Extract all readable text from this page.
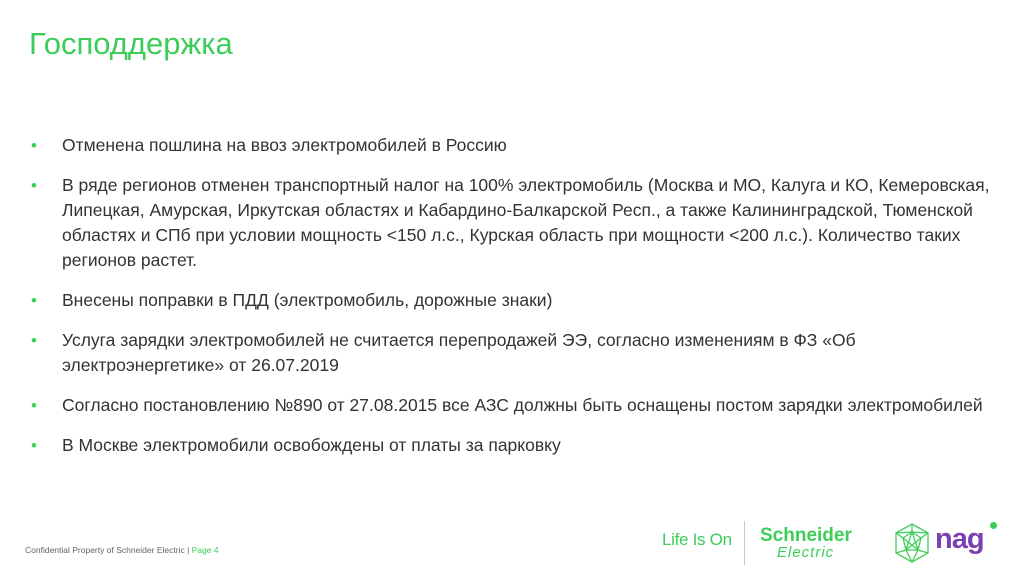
Господдержка
• Отменена пошлина на ввоз электромобилей в Россию
• В ряде регионов отменен транспортный налог на 100% электромобиль (Москва и МО, Калуга и КО, Кемеровская, Липецкая, Амурская, Иркутская областях и Кабардино-Балкарской Респ., а также Калининградской, Тюменской областях и СПб при условии мощность <150 л.с., Курская область при мощности <200 л.с.). Количество таких регионов растет.
• Внесены поправки в ПДД (электромобиль, дорожные знаки)
• Услуга зарядки электромобилей не считается перепродажей ЭЭ, согласно изменениям в ФЗ «Об электроэнергетике» от 26.07.2019
• Согласно постановлению №890 от 27.08.2015 все АЗС должны быть оснащены постом зарядки электромобилей
• В Москве электромобили освобождены от платы за парковку
Confidential Property of Schneider Electric | Page 4
Life Is On Schneider
Electric	nag
